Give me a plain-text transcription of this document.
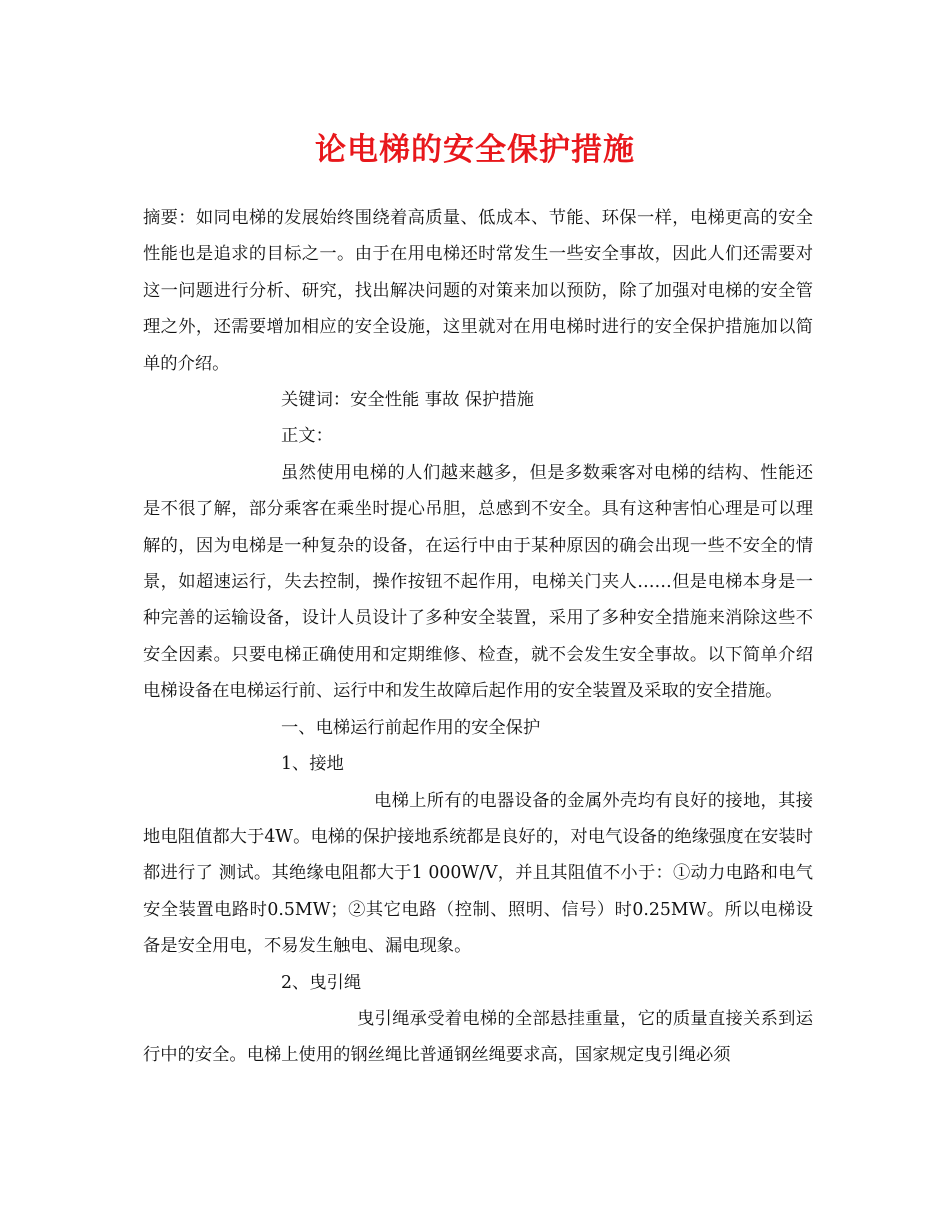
论电梯的安全保护措施

摘要：如同电梯的发展始终围绕着高质量、低成本、节能、环保一样，电梯更高的安全性能也是追求的目标之一。由于在用电梯还时常发生一些安全事故，因此人们还需要对这一问题进行分析、研究，找出解决问题的对策来加以预防，除了加强对电梯的安全管理之外，还需要增加相应的安全设施，这里就对在用电梯时进行的安全保护措施加以简单的介绍。

关键词：安全性能 事故 保护措施

正文：

虽然使用电梯的人们越来越多，但是多数乘客对电梯的结构、性能还是不很了解，部分乘客在乘坐时提心吊胆，总感到不安全。具有这种害怕心理是可以理解的，因为电梯是一种复杂的设备，在运行中由于某种原因的确会出现一些不安全的情景，如超速运行，失去控制，操作按钮不起作用，电梯关门夹人……但是电梯本身是一种完善的运输设备，设计人员设计了多种安全装置，采用了多种安全措施来消除这些不安全因素。只要电梯正确使用和定期维修、检查，就不会发生安全事故。以下简单介绍电梯设备在电梯运行前、运行中和发生故障后起作用的安全装置及采取的安全措施。

一、电梯运行前起作用的安全保护

1、接地

电梯上所有的电器设备的金属外壳均有良好的接地，其接地电阻值都大于4W。电梯的保护接地系统都是良好的，对电气设备的绝缘强度在安装时都进行了 测试。其绝缘电阻都大于1 000W/V，并且其阻值不小于：①动力电路和电气安全装置电路时0.5MW；②其它电路（控制、照明、信号）时0.25MW。所以电梯设备是安全用电，不易发生触电、漏电现象。

2、曳引绳

曳引绳承受着电梯的全部悬挂重量，它的质量直接关系到运行中的安全。电梯上使用的钢丝绳比普通钢丝绳要求高，国家规定曳引绳必须
